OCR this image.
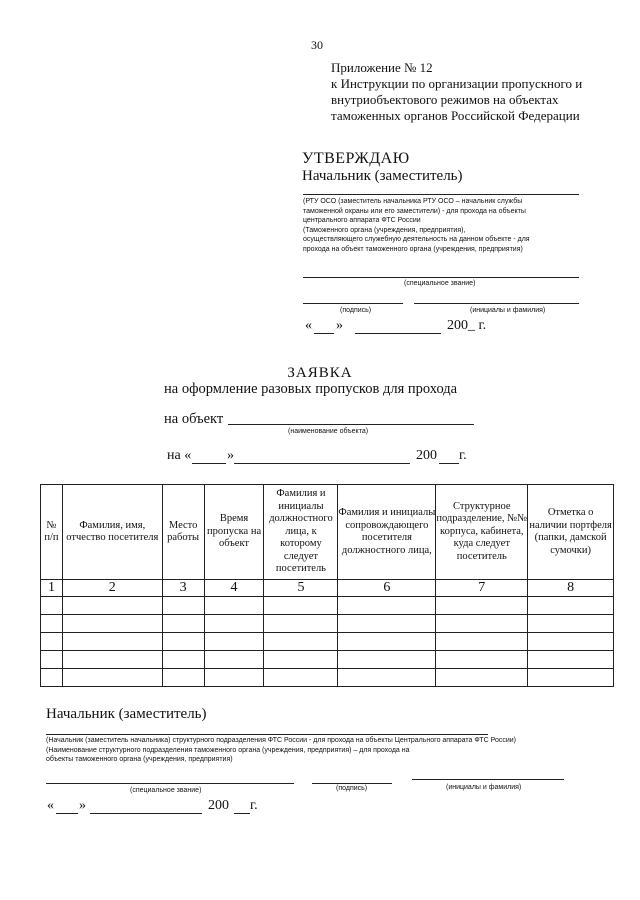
30
Приложение № 12
к Инструкции по организации пропускного и
внутриобъектового режимов на объектах
таможенных органов Российской Федерации
УТВЕРЖДАЮ
Начальник (заместитель)
(РТУ ОСО (заместитель начальника РТУ ОСО – начальник службы
таможенной охраны или его заместители) - для прохода на объекты
центрального аппарата ФТС России
(Таможенного органа (учреждения, предприятия),
осуществляющего служебную деятельность на данном объекте - для
прохода на объект таможенного органа (учреждения, предприятия)
(специальное звание)
(подпись)	(инициалы и фамилия)
« »	200_ г.
ЗАЯВКА
на оформление разовых пропусков для прохода
на объект
(наименование объекта)
на «	»	200 г.
№ п/п	Фамилия, имя, отчество посетителя	Место работы	Время пропуска на объект	Фамилия и инициалы должностного лица, к которому следует посетитель	Фамилия и инициалы сопровождающего посетителя должностного лица,	Структурное подразделение, №№ корпуса, кабинета, куда следует посетитель	Отметка о наличии портфеля (папки, дамской сумочки)
1	2	3	4	5	6	7	8

Начальник (заместитель)
(Начальник (заместитель начальника) структурного подразделения ФТС России - для прохода на объекты Центрального аппарата ФТС России)
(Наименование структурного подразделения таможенного органа (учреждения, предприятия) – для прохода на
объекты таможенного органа (учреждения, предприятия)
(специальное звание)	(подпись)	(инициалы и фамилия)
« »	200 г.
